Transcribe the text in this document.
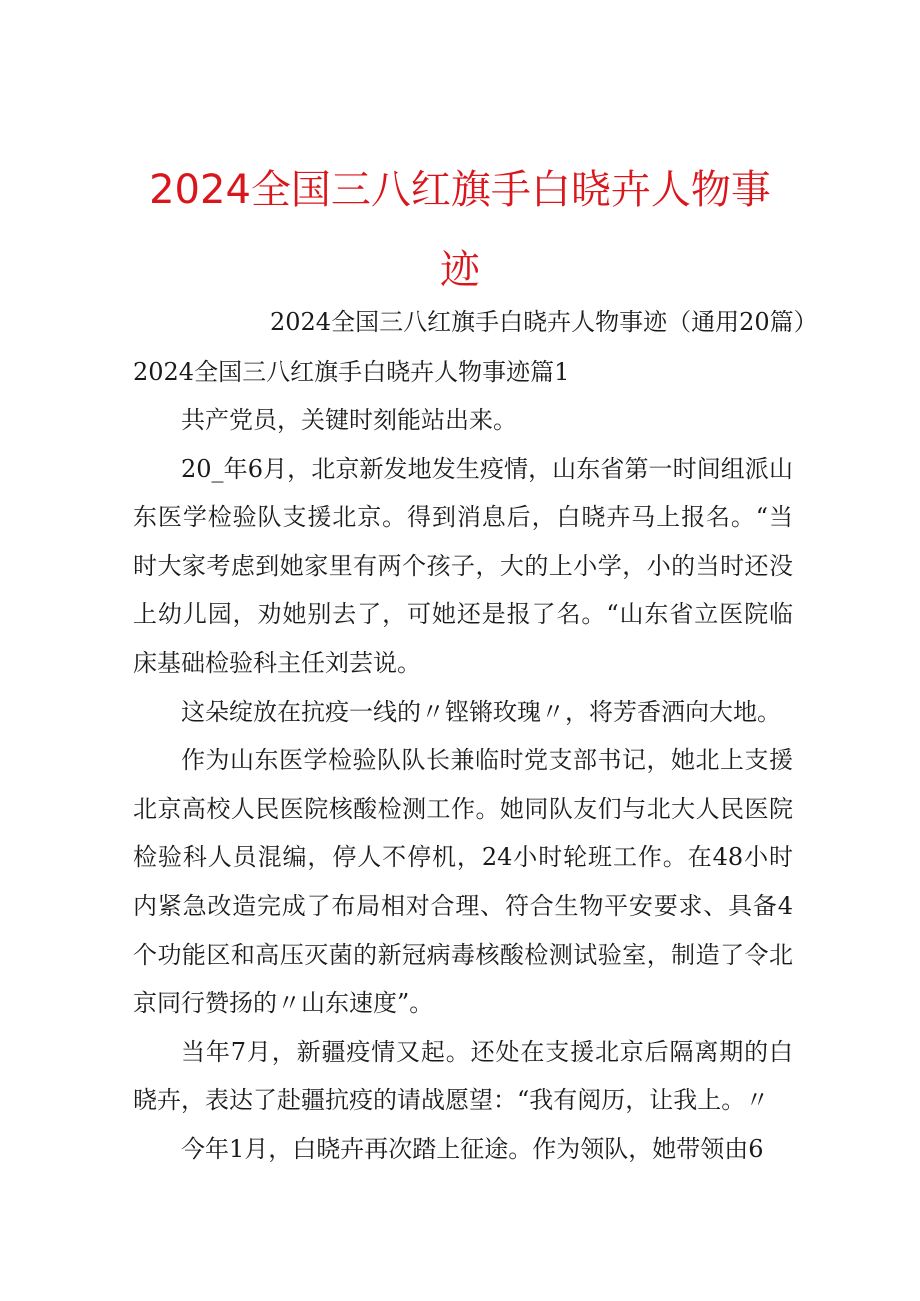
2024全国三八红旗手白晓卉人物事迹
2024全国三八红旗手白晓卉人物事迹（通用20篇）
2024全国三八红旗手白晓卉人物事迹篇1

共产党员，关键时刻能站出来。

20_年6月，北京新发地发生疫情，山东省第一时间组派山东医学检验队支援北京。得到消息后，白晓卉马上报名。“当时大家考虑到她家里有两个孩子，大的上小学，小的当时还没上幼儿园，劝她别去了，可她还是报了名。“山东省立医院临床基础检验科主任刘芸说。

这朵绽放在抗疫一线的〃铿锵玫瑰〃，将芳香洒向大地。

作为山东医学检验队队长兼临时党支部书记，她北上支援北京高校人民医院核酸检测工作。她同队友们与北大人民医院检验科人员混编，停人不停机，24小时轮班工作。在48小时内紧急改造完成了布局相对合理、符合生物平安要求、具备4个功能区和高压灭菌的新冠病毒核酸检测试验室，制造了令北京同行赞扬的〃山东速度”。

当年7月，新疆疫情又起。还处在支援北京后隔离期的白晓卉，表达了赴疆抗疫的请战愿望：“我有阅历，让我上。〃

今年1月，白晓卉再次踏上征途。作为领队，她带领由6
